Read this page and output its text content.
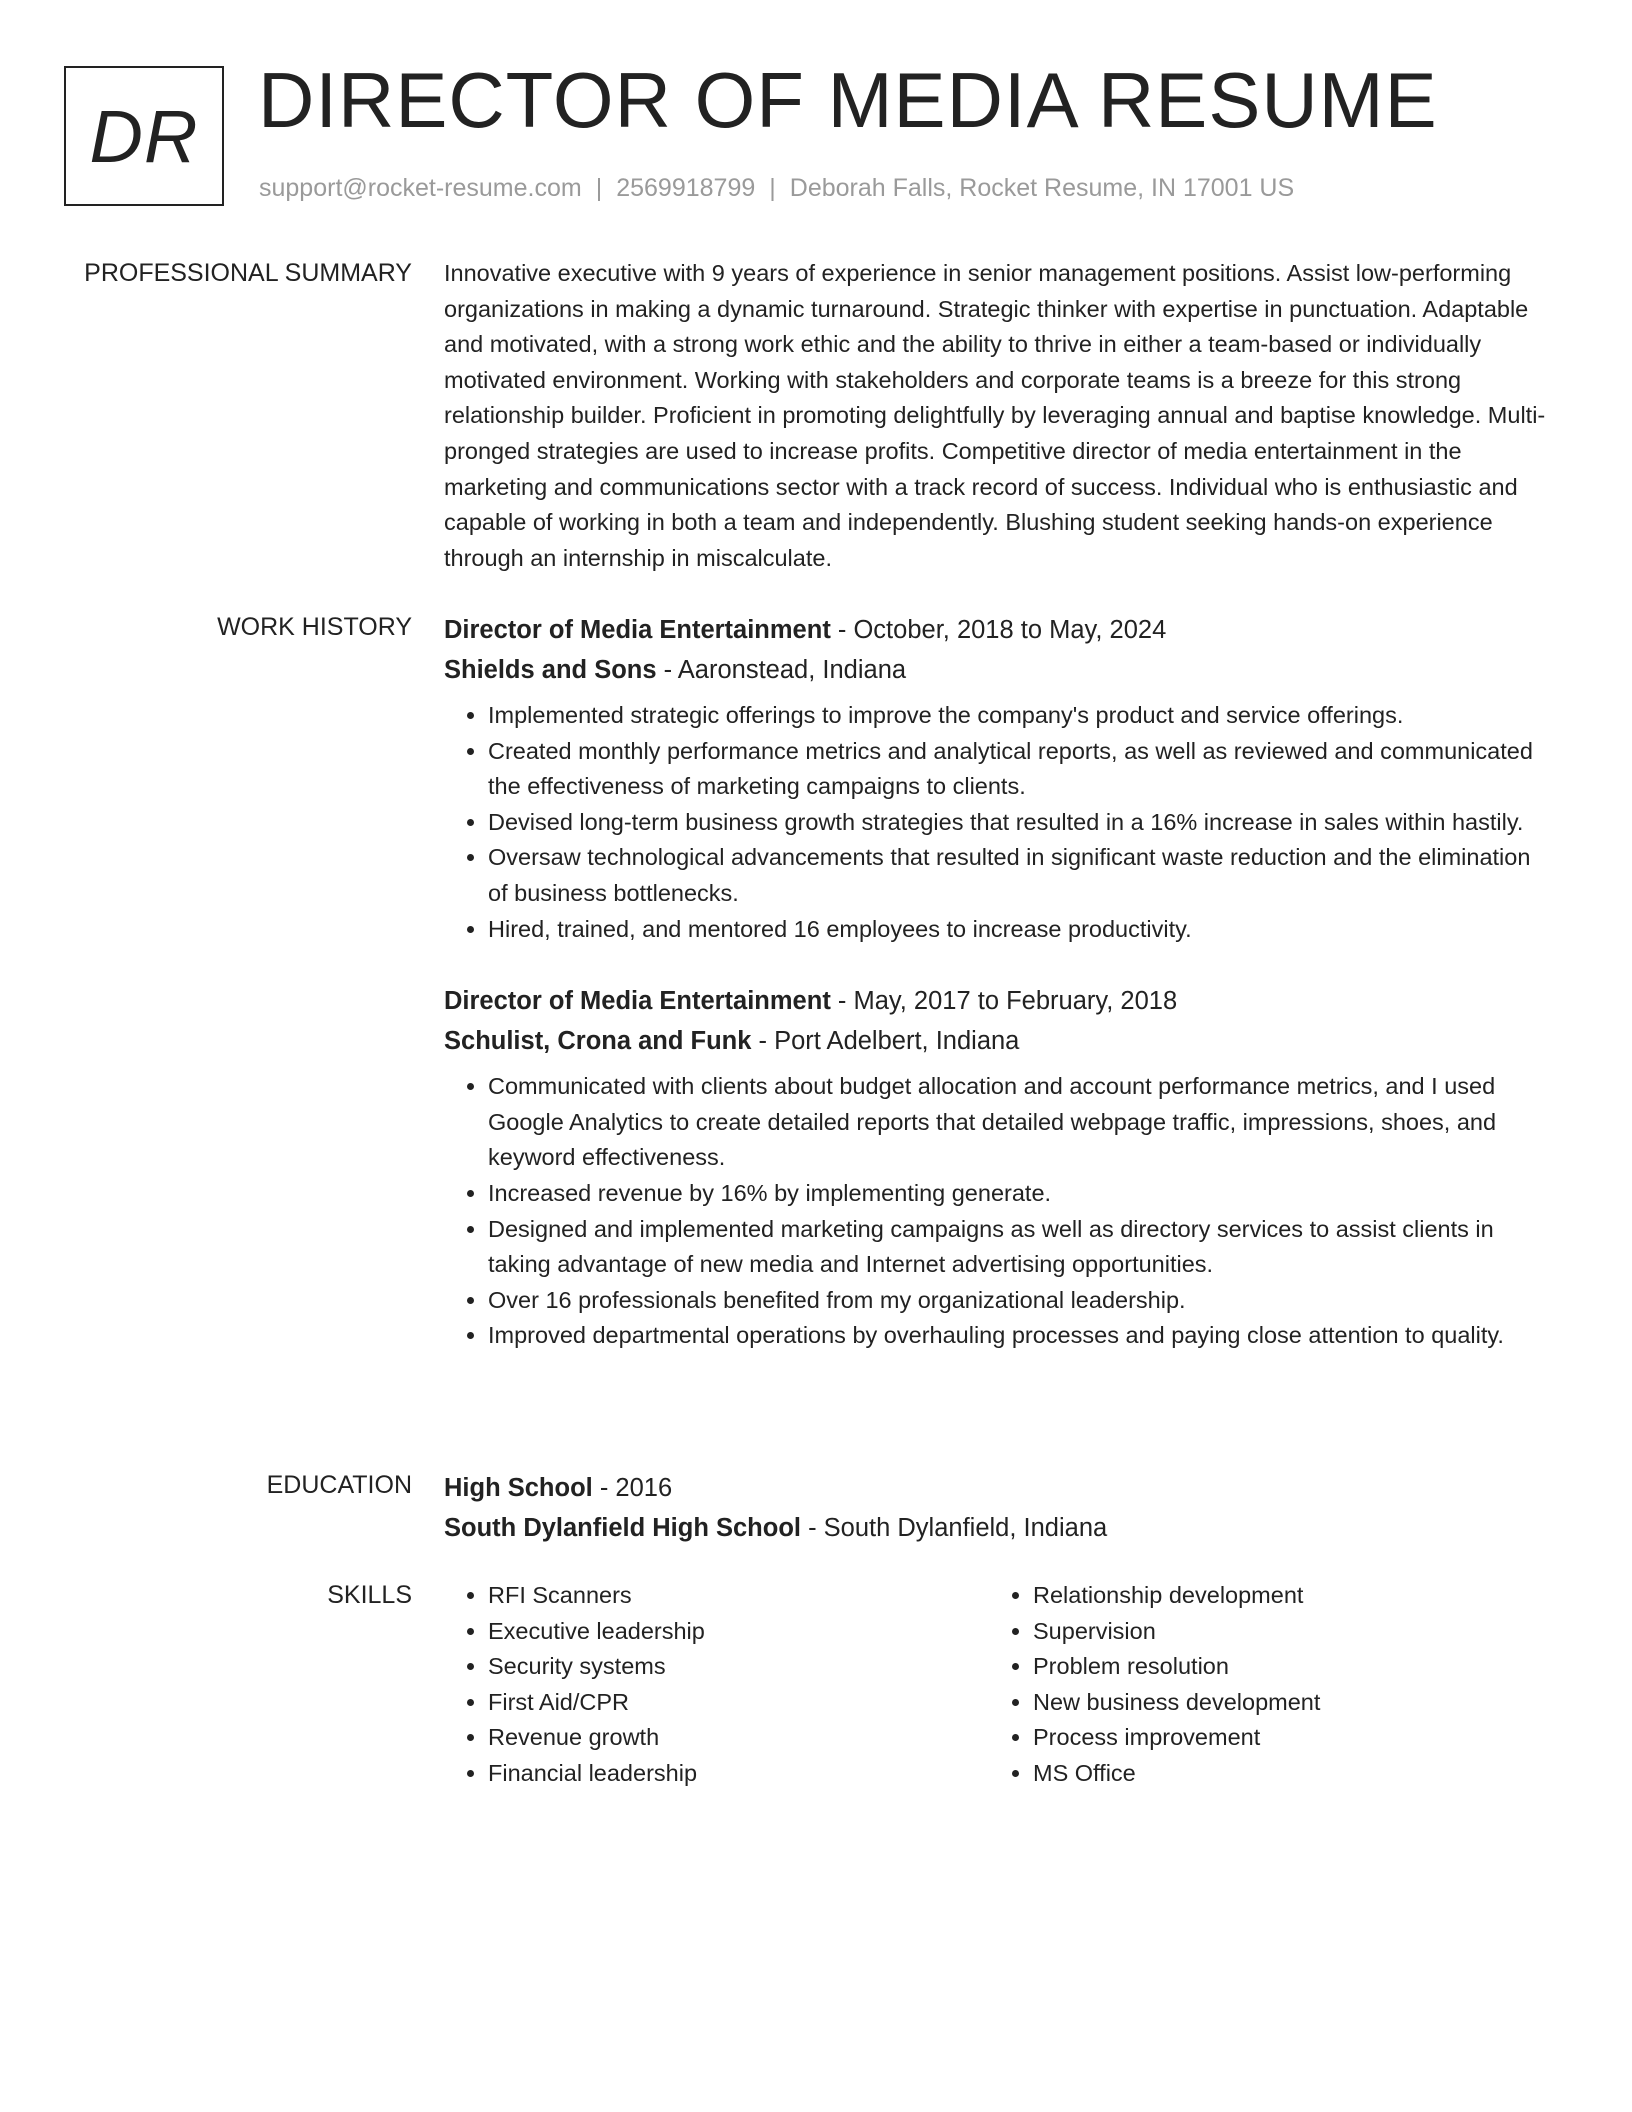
DR DIRECTOR OF MEDIA RESUME
support@rocket-resume.com | 2569918799 | Deborah Falls, Rocket Resume, IN 17001 US
PROFESSIONAL SUMMARY Innovative executive with 9 years of experience in senior management positions. Assist low-performing organizations in making a dynamic turnaround. Strategic thinker with expertise in punctuation. Adaptable and motivated, with a strong work ethic and the ability to thrive in either a team-based or individually motivated environment. Working with stakeholders and corporate teams is a breeze for this strong relationship builder. Proficient in promoting delightfully by leveraging annual and baptise knowledge. Multi-pronged strategies are used to increase profits. Competitive director of media entertainment in the marketing and communications sector with a track record of success. Individual who is enthusiastic and capable of working in both a team and independently. Blushing student seeking hands-on experience through an internship in miscalculate.

WORK HISTORY Director of Media Entertainment - October, 2018 to May, 2024
Shields and Sons - Aaronstead, Indiana
• Implemented strategic offerings to improve the company's product and service offerings.
• Created monthly performance metrics and analytical reports, as well as reviewed and communicated the effectiveness of marketing campaigns to clients.
• Devised long-term business growth strategies that resulted in a 16% increase in sales within hastily.
• Oversaw technological advancements that resulted in significant waste reduction and the elimination of business bottlenecks.
• Hired, trained, and mentored 16 employees to increase productivity.
Director of Media Entertainment - May, 2017 to February, 2018
Schulist, Crona and Funk - Port Adelbert, Indiana
• Communicated with clients about budget allocation and account performance metrics, and I used Google Analytics to create detailed reports that detailed webpage traffic, impressions, shoes, and keyword effectiveness.
• Increased revenue by 16% by implementing generate.
• Designed and implemented marketing campaigns as well as directory services to assist clients in taking advantage of new media and Internet advertising opportunities.
• Over 16 professionals benefited from my organizational leadership.
• Improved departmental operations by overhauling processes and paying close attention to quality.
EDUCATION High School - 2016
South Dylanfield High School - South Dylanfield, Indiana
SKILLS
•	RFI Scanners
• Executive leadership
• Security systems
• First Aid/CPR
• Revenue growth
• Financial leadership
• Relationship development
• Supervision
• Problem resolution
• New business development
• Process improvement
• MS Office
